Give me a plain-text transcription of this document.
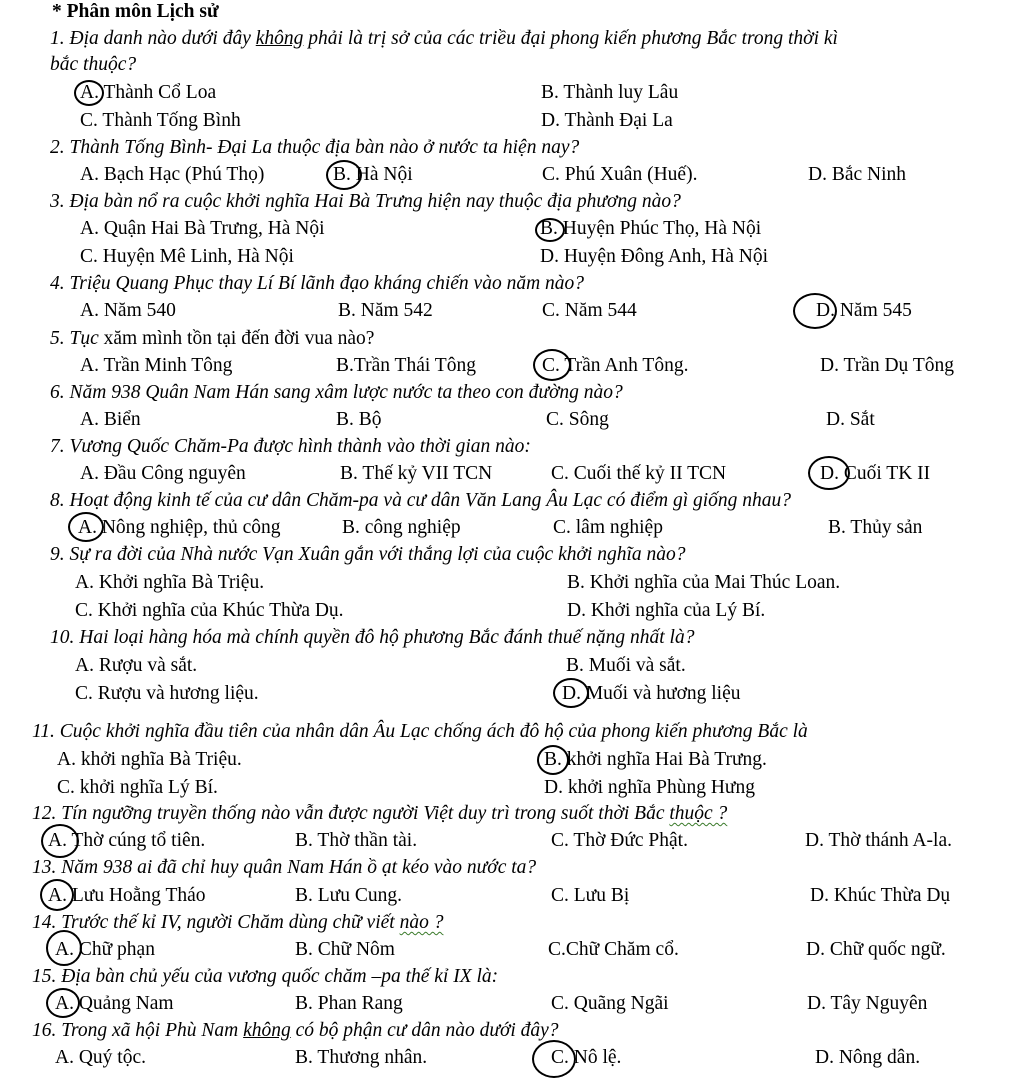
* Phân môn Lịch sử
1. Địa danh nào dưới đây không phải là trị sở của các triều đại phong kiến phương Bắc trong thời kì
bắc thuộc?
A. Thành Cổ Loa	B. Thành luy Lâu
C. Thành Tống Bình	D. Thành Đại La
2. Thành Tống Bình- Đại La thuộc địa bàn nào ở nước ta hiện nay?
A. Bạch Hạc (Phú Thọ)	B. Hà Nội	C. Phú Xuân (Huế).	D. Bắc Ninh
3. Địa bàn nổ ra cuộc khởi nghĩa Hai Bà Trưng hiện nay thuộc địa phương nào?
A. Quận Hai Bà Trưng, Hà Nội	B. Huyện Phúc Thọ, Hà Nội
C. Huyện Mê Linh, Hà Nội	D. Huyện Đông Anh, Hà Nội
4. Triệu Quang Phục thay Lí Bí lãnh đạo kháng chiến vào năm nào?
A. Năm 540	B. Năm 542	C. Năm 544	D. Năm 545
5. Tục xăm mình tồn tại đến đời vua nào?
A. Trần Minh Tông	B.Trần Thái Tông	C. Trần Anh Tông.	D. Trần Dụ Tông
6. Năm 938 Quân Nam Hán sang xâm lược nước ta theo con đường nào?
A. Biển	B. Bộ	C. Sông	D. Sắt
7. Vương Quốc Chăm-Pa được hình thành vào thời gian nào:
A. Đầu Công nguyên	B. Thế kỷ VII TCN	C. Cuối thế kỷ II TCN	D. Cuối TK II
8. Hoạt động kinh tế của cư dân Chăm-pa và cư dân Văn Lang Âu Lạc có điểm gì giống nhau?
A. Nông nghiệp, thủ công	B. công nghiệp	C. lâm nghiệp	B. Thủy sản
9. Sự ra đời của Nhà nước Vạn Xuân gắn với thắng lợi của cuộc khởi nghĩa nào?
A. Khởi nghĩa Bà Triệu.	B. Khởi nghĩa của Mai Thúc Loan.
C. Khởi nghĩa của Khúc Thừa Dụ.	D. Khởi nghĩa của Lý Bí.
10. Hai loại hàng hóa mà chính quyền đô hộ phương Bắc đánh thuế nặng nhất là?
A. Rượu và sắt.	B. Muối và sắt.
C. Rượu và hương liệu.	D. Muối và hương liệu
11. Cuộc khởi nghĩa đầu tiên của nhân dân Âu Lạc chống ách đô hộ của phong kiến phương Bắc là
A. khởi nghĩa Bà Triệu.	B. khởi nghĩa Hai Bà Trưng.
C. khởi nghĩa Lý Bí.	D. khởi nghĩa Phùng Hưng
12. Tín ngưỡng truyền thống nào vẫn được người Việt duy trì trong suốt thời Bắc thuộc ?
A. Thờ cúng tổ tiên.	B. Thờ thần tài.	C. Thờ Đức Phật.	D. Thờ thánh A-la.
13. Năm 938 ai đã chỉ huy quân Nam Hán ồ ạt kéo vào nước ta?
A. Lưu Hoằng Tháo	B. Lưu Cung.	C. Lưu Bị	D. Khúc Thừa Dụ
14. Trước thế kỉ IV, người Chăm dùng chữ viết nào ?
A. Chữ phạn	B. Chữ Nôm	C.Chữ Chăm cổ.	D. Chữ quốc ngữ.
15. Địa bàn chủ yếu của vương quốc chăm –pa thế kỉ IX là:
A. Quảng Nam	B. Phan Rang	C. Quãng Ngãi	D. Tây Nguyên
16. Trong xã hội Phù Nam không có bộ phận cư dân nào dưới đây?
A. Quý tộc.	B. Thương nhân.	C. Nô lệ.	D. Nông dân.
